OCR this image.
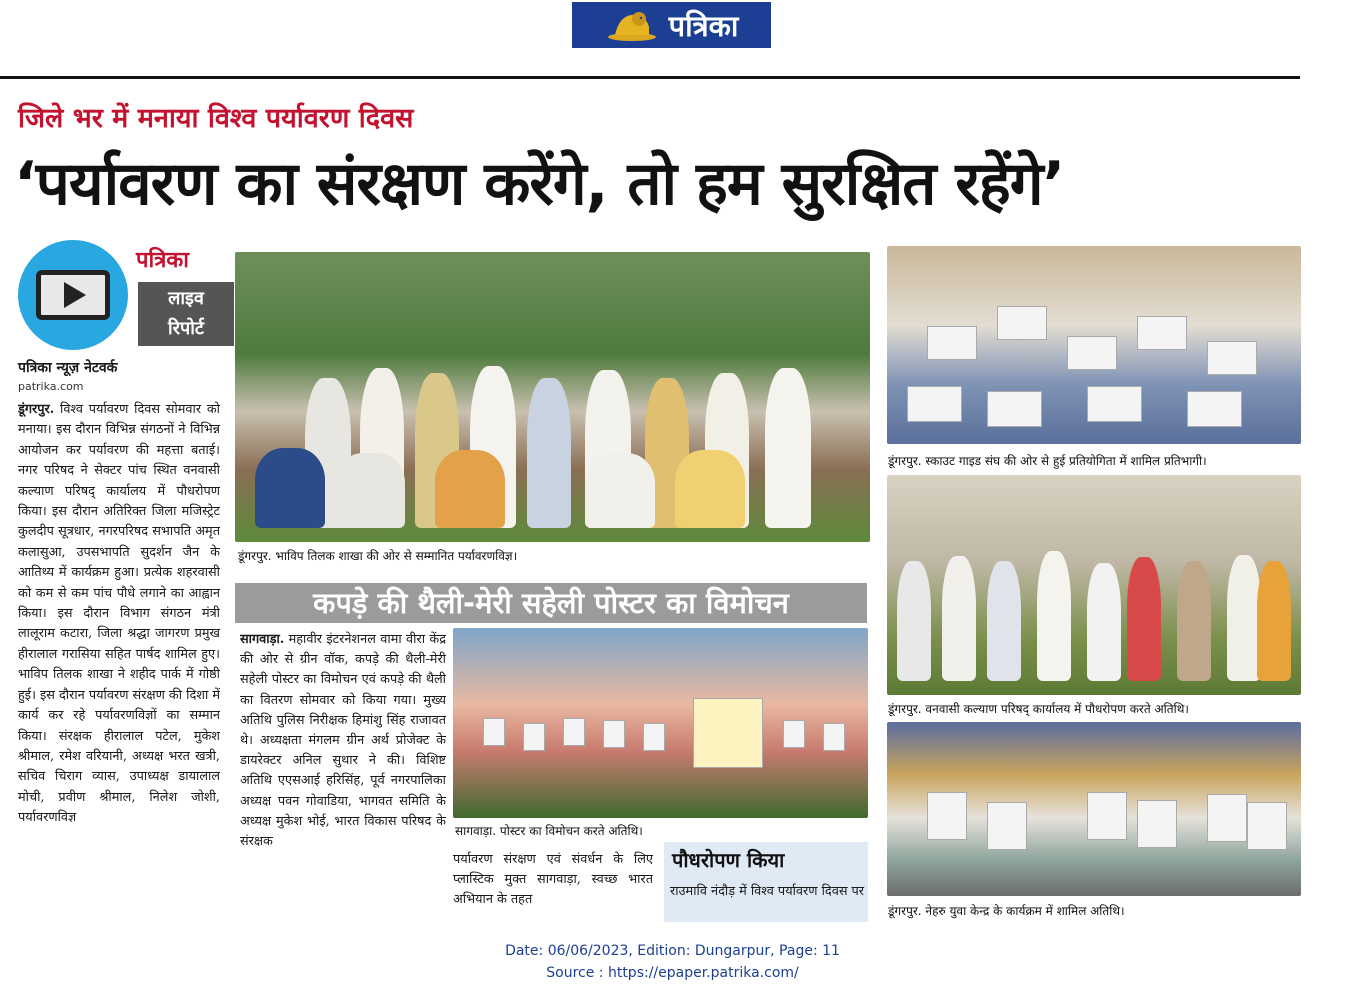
पत्रिका
जिले भर में मनाया विश्व पर्यावरण दिवस
‘पर्यावरण का संरक्षण करेंगे, तो हम सुरक्षित रहेंगे’
पत्रिका
लाइव
रिपोर्ट
पत्रिका न्यूज़ नेटवर्क
patrika.com
डूंगरपुर. विश्व पर्यावरण दिवस सोमवार को मनाया। इस दौरान विभिन्न संगठनों ने विभिन्न आयोजन कर पर्यावरण की महत्ता बताई। नगर परिषद ने सेक्टर पांच स्थित वनवासी कल्याण परिषद् कार्यालय में पौधरोपण किया। इस दौरान अतिरिक्त जिला मजिस्ट्रेट कुलदीप सूत्रधार, नगरपरिषद सभापति अमृत कलासुआ, उपसभापति सुदर्शन जैन के आतिथ्य में कार्यक्रम हुआ। प्रत्येक शहरवासी को कम से कम पांच पौधे लगाने का आह्वान किया। इस दौरान विभाग संगठन मंत्री लालूराम कटारा, जिला श्रद्धा जागरण प्रमुख हीरालाल गरासिया सहित पार्षद शामिल हुए। भाविप तिलक शाखा ने शहीद पार्क में गोष्ठी हुई। इस दौरान पर्यावरण संरक्षण की दिशा में कार्य कर रहे पर्यावरणविज्ञों का सम्मान किया। संरक्षक हीरालाल पटेल, मुकेश श्रीमाल, रमेश वरियानी, अध्यक्ष भरत खत्री, सचिव चिराग व्यास, उपाध्यक्ष डायालाल मोची, प्रवीण श्रीमाल, निलेश जोशी, पर्यावरणविज्ञ
डूंगरपुर. भाविप तिलक शाखा की ओर से सम्मानित पर्यावरणविज्ञ।
डूंगरपुर. स्काउट गाइड संघ की ओर से हुई प्रतियोगिता में शामिल प्रतिभागी।
डूंगरपुर. वनवासी कल्याण परिषद् कार्यालय में पौधरोपण करते अतिथि।
कपड़े की थैली-मेरी सहेली पोस्टर का विमोचन
सागवाड़ा. महावीर इंटरनेशनल वामा वीरा केंद्र की ओर से ग्रीन वॉक, कपड़े की थैली-मेरी सहेली पोस्टर का विमोचन एवं कपड़े की थैली का वितरण सोमवार को किया गया। मुख्य अतिथि पुलिस निरीक्षक हिमांशु सिंह राजावत थे। अध्यक्षता मंगलम ग्रीन अर्थ प्रोजेक्ट के डायरेक्टर अनिल सुथार ने की। विशिष्ट अतिथि एएसआई हरिसिंह, पूर्व नगरपालिका अध्यक्ष पवन गोवाडिया, भागवत समिति के अध्यक्ष मुकेश भोई, भारत विकास परिषद के संरक्षक
सागवाड़ा. पोस्टर का विमोचन करते अतिथि।
पर्यावरण संरक्षण एवं संवर्धन के लिए प्लास्टिक मुक्त सागवाड़ा, स्वच्छ भारत अभियान के तहत
पौधरोपण किया
राउमावि नंदौड़ में विश्व पर्यावरण दिवस पर
डूंगरपुर. नेहरु युवा केन्द्र के कार्यक्रम में शामिल अतिथि।
Date: 06/06/2023, Edition: Dungarpur, Page: 11
Source : https://epaper.patrika.com/
